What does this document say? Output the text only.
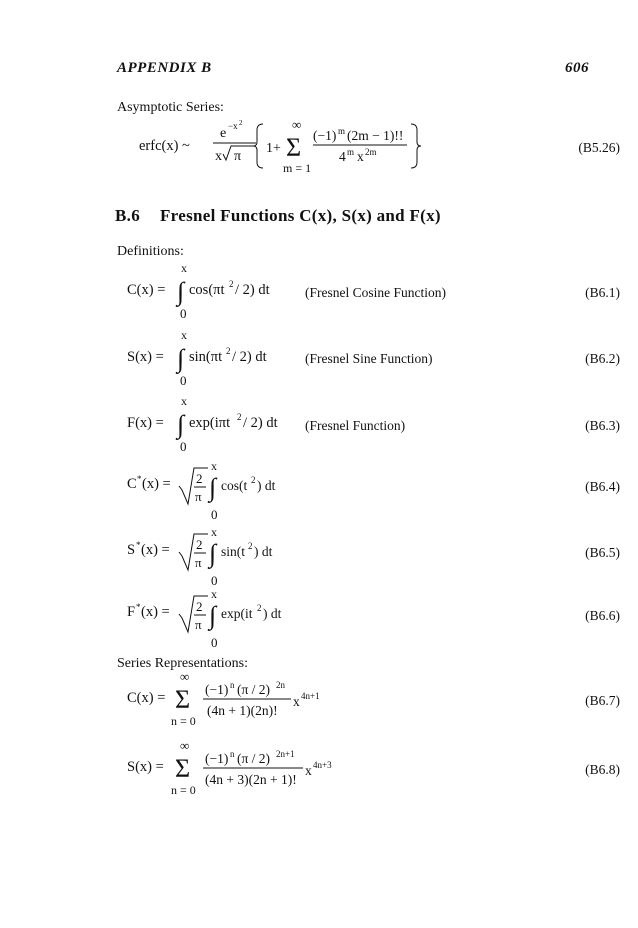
APPENDIX B	606
Asymptotic Series:
erfc(x) ~
e −x 2
x π
1+ Σ
∞
m = 1
(−1) m (2m − 1)!!
4 m x 2m	(B5.26)
B.6 Fresnel Functions C(x), S(x) and F(x)
Definitions:
x
C(x) = ∫ cos(πt 2 / 2) dt
0
(Fresnel Cosine Function)	(B6.1)
x
S(x) = ∫ sin(πt 2 / 2) dt
0
(Fresnel Sine Function)	(B6.2)
x
F(x) = ∫ exp(iπt 2 / 2) dt
0
(Fresnel Function)	(B6.3)
x
C * (x) = 2
π ∫ cos(t 2 ) dt
0
(B6.4)
x
S * (x) = 2
π ∫ sin(t 2 ) dt
0
(B6.5)
x
F * (x) = 2
π ∫ exp(it 2 ) dt
0
(B6.6)
Series Representations:
C(x) = Σ
∞
n = 0
(−1) n (π / 2) 2n
(4n + 1)(2n)!
x 4n+1	(B6.7)
S(x) = Σ
∞
n = 0
(−1) n (π / 2) 2n+1
(4n + 3)(2n + 1)!
x 4n+3	(B6.8)
